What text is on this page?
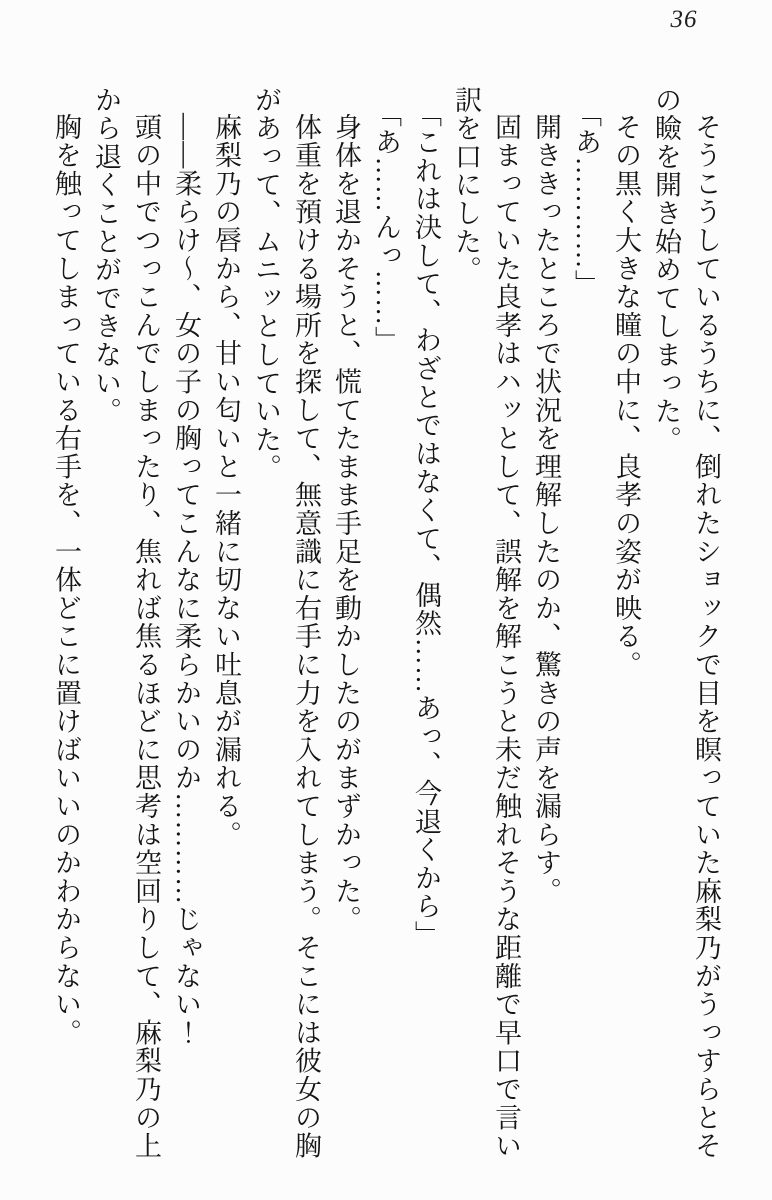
36

そうこうしているうちに、倒れたショックで目を瞑っていた麻梨乃がうっすらとその瞼を開き始めてしまった。

その黒く大きな瞳の中に、良孝の姿が映る。

「あ…………」

開ききったところで状況を理解したのか、驚きの声を漏らす。

固まっていた良孝はハッとして、誤解を解こうと未だ触れそうな距離で早口で言い訳を口にした。

「これは決して、わざとではなくて、偶然……あっ、今退くから」

「あ……んっ……」

身体を退かそうと、慌てたまま手足を動かしたのがまずかった。

体重を預ける場所を探して、無意識に右手に力を入れてしまう。そこには彼女の胸があって、ムニッとしていた。

麻梨乃の唇から、甘い匂いと一緒に切ない吐息が漏れる。

――柔らけ〜、女の子の胸ってこんなに柔らかいのか…………じゃない！

頭の中でつっこんでしまったり、焦れば焦るほどに思考は空回りして、麻梨乃の上から退くことができない。

胸を触ってしまっている右手を、一体どこに置けばいいのかわからない。
